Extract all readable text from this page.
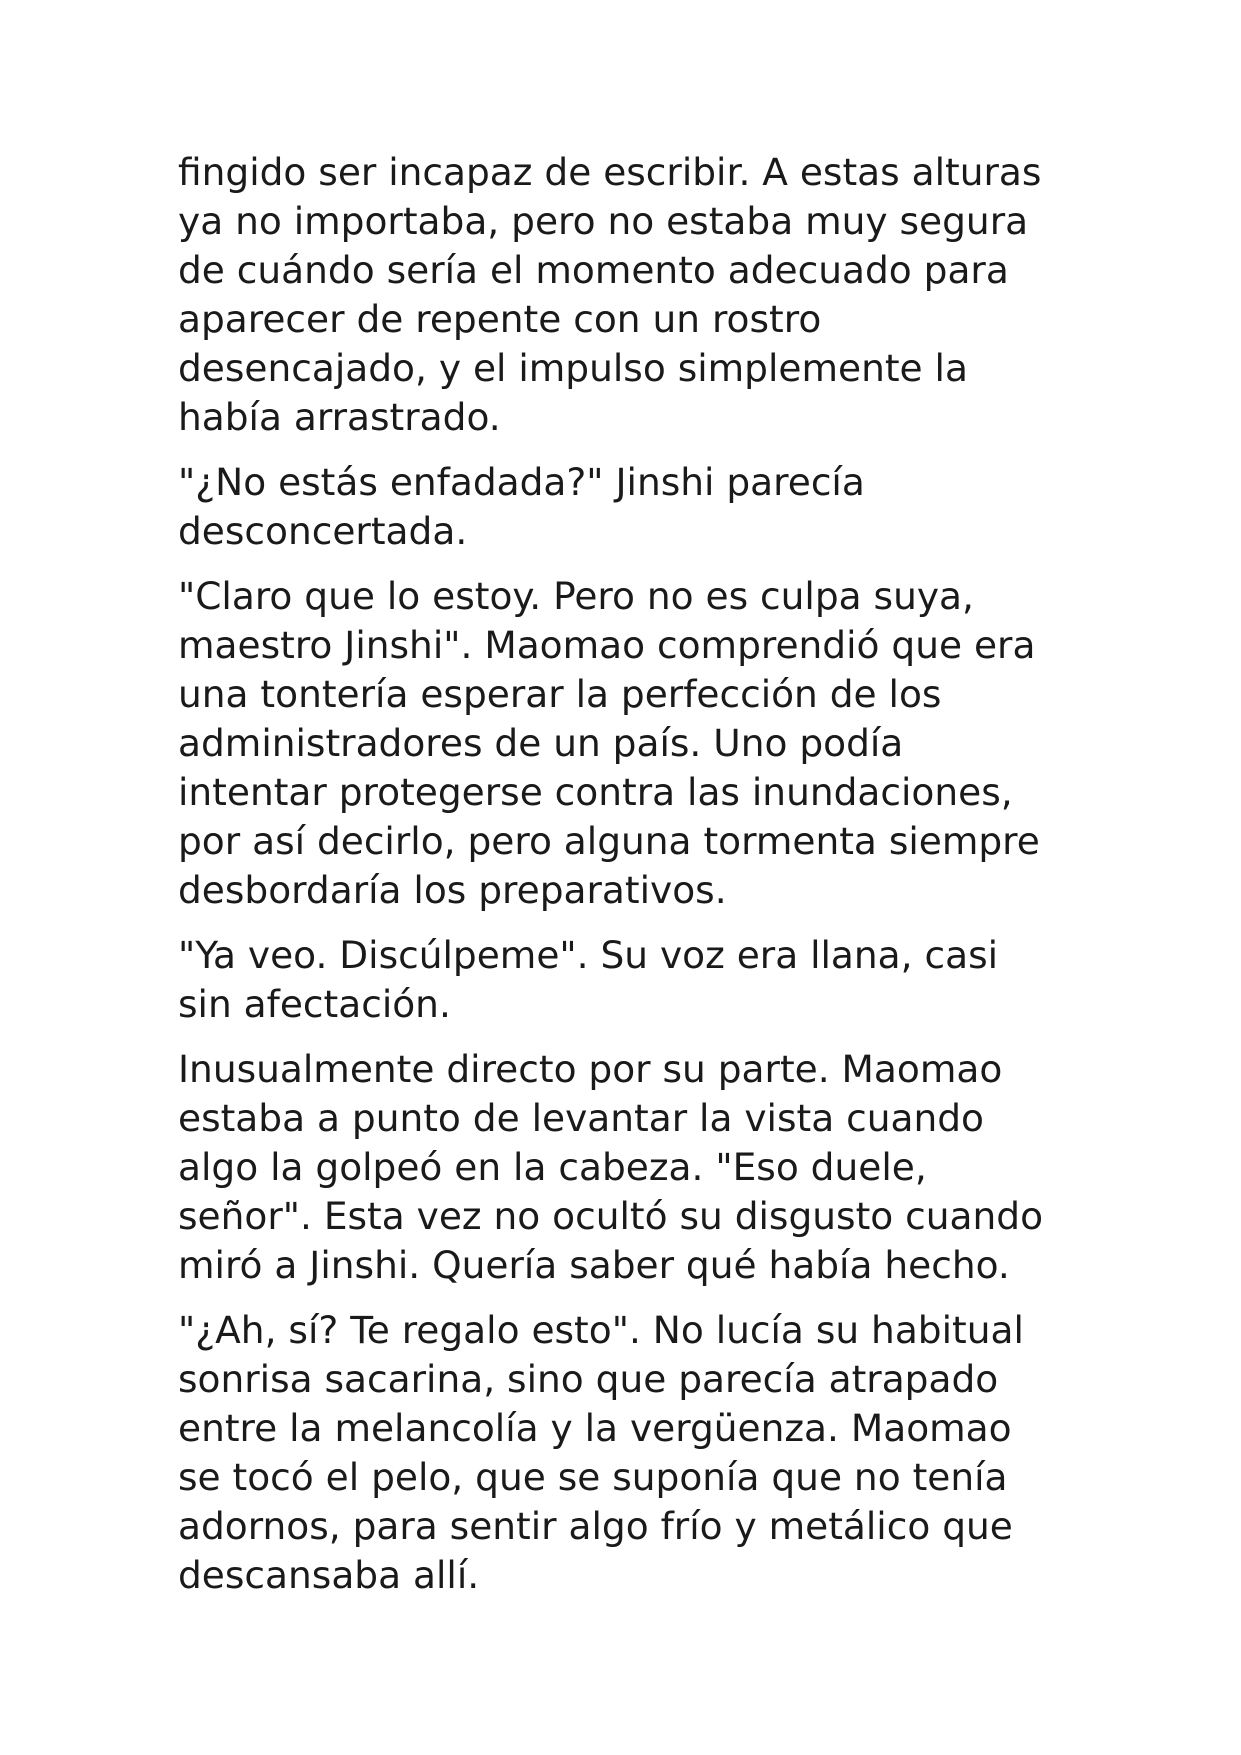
fingido ser incapaz de escribir. A estas alturas
ya no importaba, pero no estaba muy segura
de cuándo sería el momento adecuado para
aparecer de repente con un rostro
desencajado, y el impulso simplemente la
había arrastrado.

"¿No estás enfadada?" Jinshi parecía
desconcertada.

"Claro que lo estoy. Pero no es culpa suya,
maestro Jinshi". Maomao comprendió que era
una tontería esperar la perfección de los
administradores de un país. Uno podía
intentar protegerse contra las inundaciones,
por así decirlo, pero alguna tormenta siempre
desbordaría los preparativos.

"Ya veo. Discúlpeme". Su voz era llana, casi
sin afectación.

Inusualmente directo por su parte. Maomao
estaba a punto de levantar la vista cuando
algo la golpeó en la cabeza. "Eso duele,
señor". Esta vez no ocultó su disgusto cuando
miró a Jinshi. Quería saber qué había hecho.

"¿Ah, sí? Te regalo esto". No lucía su habitual
sonrisa sacarina, sino que parecía atrapado
entre la melancolía y la vergüenza. Maomao
se tocó el pelo, que se suponía que no tenía
adornos, para sentir algo frío y metálico que
descansaba allí.
